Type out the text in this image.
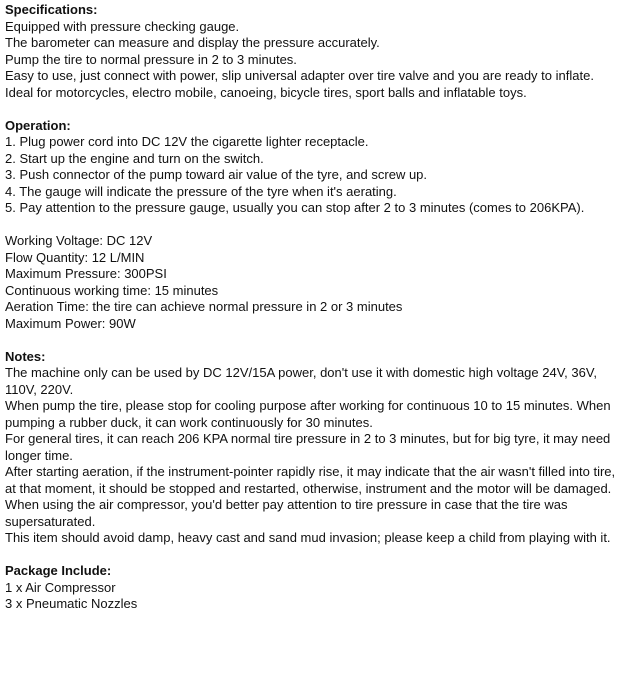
Specifications:

Equipped with pressure checking gauge.

The barometer can measure and display the pressure accurately.

Pump the tire to normal pressure in 2 to 3 minutes.

Easy to use, just connect with power, slip universal adapter over tire valve and you are ready to inflate.

Ideal for motorcycles, electro mobile, canoeing, bicycle tires, sport balls and inflatable toys.

Operation:

1. Plug power cord into DC 12V the cigarette lighter receptacle.

2. Start up the engine and turn on the switch.

3. Push connector of the pump toward air value of the tyre, and screw up.

4. The gauge will indicate the pressure of the tyre when it's aerating.

5. Pay attention to the pressure gauge, usually you can stop after 2 to 3 minutes (comes to 206KPA).

Working Voltage: DC 12V

Flow Quantity: 12 L/MIN

Maximum Pressure: 300PSI

Continuous working time: 15 minutes

Aeration Time: the tire can achieve normal pressure in 2 or 3 minutes

Maximum Power: 90W

Notes:

The machine only can be used by DC 12V/15A power, don't use it with domestic high voltage 24V, 36V, 110V, 220V.

When pump the tire, please stop for cooling purpose after working for continuous 10 to 15 minutes. When pumping a rubber duck, it can work continuously for 30 minutes.

For general tires, it can reach 206 KPA normal tire pressure in 2 to 3 minutes, but for big tyre, it may need longer time.

After starting aeration, if the instrument-pointer rapidly rise, it may indicate that the air wasn't filled into tire, at that moment, it should be stopped and restarted, otherwise, instrument and the motor will be damaged.

When using the air compressor, you'd better pay attention to tire pressure in case that the tire was supersaturated.

This item should avoid damp, heavy cast and sand mud invasion; please keep a child from playing with it.

Package Include:

1 x Air Compressor

3 x Pneumatic Nozzles
